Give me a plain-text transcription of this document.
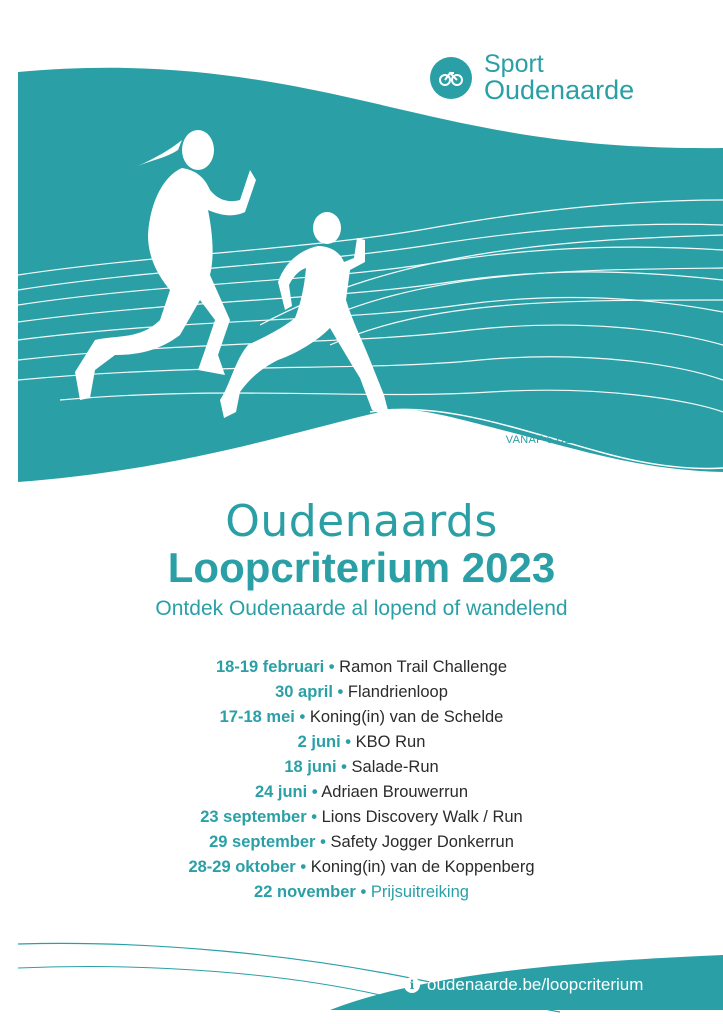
Sport
Oudenaarde
BONUSPRIJS
VANAF 6 DEELNAMES!
Oudenaards
Loopcriterium 2023
Ontdek Oudenaarde al lopend of wandelend
18-19 februari • Ramon Trail Challenge
30 april • Flandrienloop
17-18 mei • Koning(in) van de Schelde
2 juni • KBO Run
18 juni • Salade-Run
24 juni • Adriaen Brouwerrun
23 september • Lions Discovery Walk / Run
29 september • Safety Jogger Donkerrun
28-29 oktober • Koning(in) van de Koppenberg
22 november • Prijsuitreiking
i oudenaarde.be/loopcriterium
